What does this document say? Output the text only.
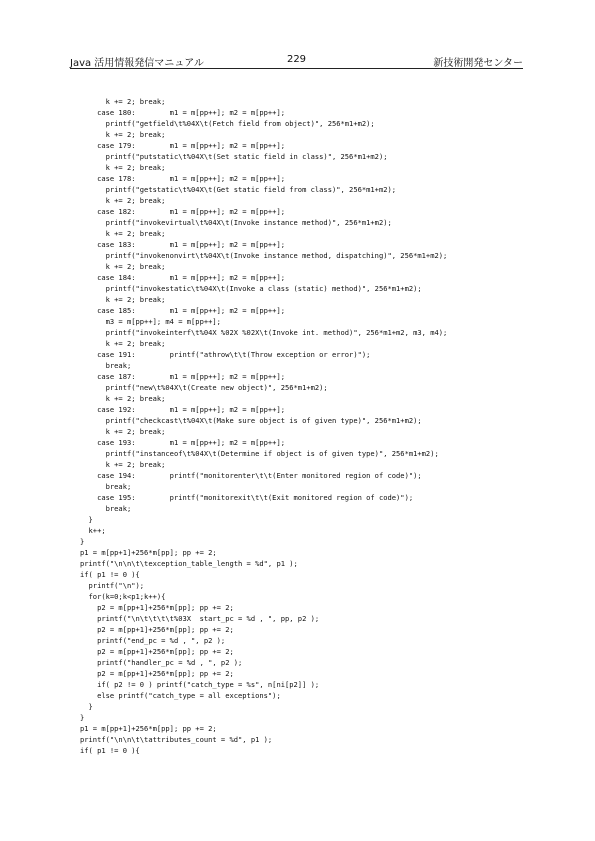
Java 活用情報発信マニュアル	229	新技術開発センター
k += 2; break;
case 180:        m1 = m[pp++]; m2 = m[pp++];
printf("getfield\t%04X\t(Fetch field from object)", 256*m1+m2);
k += 2; break;
case 179:        m1 = m[pp++]; m2 = m[pp++];
printf("putstatic\t%04X\t(Set static field in class)", 256*m1+m2);
k += 2; break;
case 178:        m1 = m[pp++]; m2 = m[pp++];
printf("getstatic\t%04X\t(Get static field from class)", 256*m1+m2);
k += 2; break;
case 182:        m1 = m[pp++]; m2 = m[pp++];
printf("invokevirtual\t%04X\t(Invoke instance method)", 256*m1+m2);
k += 2; break;
case 183:        m1 = m[pp++]; m2 = m[pp++];
printf("invokenonvirt\t%04X\t(Invoke instance method, dispatching)", 256*m1+m2);
k += 2; break;
case 184:        m1 = m[pp++]; m2 = m[pp++];
printf("invokestatic\t%04X\t(Invoke a class (static) method)", 256*m1+m2);
k += 2; break;
case 185:        m1 = m[pp++]; m2 = m[pp++];
m3 = m[pp++]; m4 = m[pp++];
printf("invokeinterf\t%04X %02X %02X\t(Invoke int. method)", 256*m1+m2, m3, m4);
k += 2; break;
case 191:        printf("athrow\t\t(Throw exception or error)");
break;
case 187:        m1 = m[pp++]; m2 = m[pp++];
printf("new\t%04X\t(Create new object)", 256*m1+m2);
k += 2; break;
case 192:        m1 = m[pp++]; m2 = m[pp++];
printf("checkcast\t%04X\t(Make sure object is of given type)", 256*m1+m2);
k += 2; break;
case 193:        m1 = m[pp++]; m2 = m[pp++];
printf("instanceof\t%04X\t(Determine if object is of given type)", 256*m1+m2);
k += 2; break;
case 194:        printf("monitorenter\t\t(Enter monitored region of code)");
break;
case 195:        printf("monitorexit\t\t(Exit monitored region of code)");
break;
}
k++;
}
p1 = m[pp+1]+256*m[pp]; pp += 2;
printf("\n\n\t\texception_table_length = %d", p1 );
if( p1 != 0 ){
printf("\n");
for(k=0;k<p1;k++){
p2 = m[pp+1]+256*m[pp]; pp += 2;
printf("\n\t\t\t\t%03X  start_pc = %d , ", pp, p2 );
p2 = m[pp+1]+256*m[pp]; pp += 2;
printf("end_pc = %d , ", p2 );
p2 = m[pp+1]+256*m[pp]; pp += 2;
printf("handler_pc = %d , ", p2 );
p2 = m[pp+1]+256*m[pp]; pp += 2;
if( p2 != 0 ) printf("catch_type = %s", n[ni[p2]] );
else printf("catch_type = all exceptions");
}
}
p1 = m[pp+1]+256*m[pp]; pp += 2;
printf("\n\n\t\tattributes_count = %d", p1 );
if( p1 != 0 ){
